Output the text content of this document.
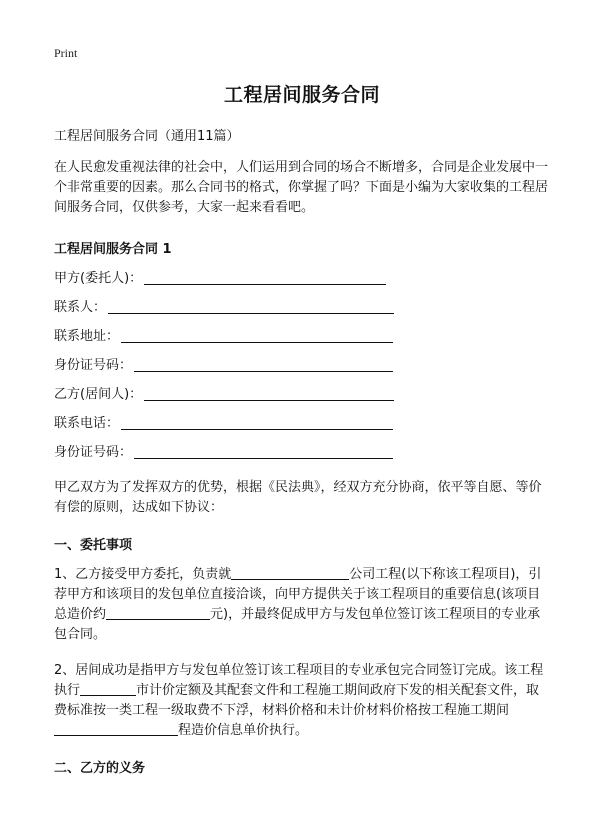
Print
工程居间服务合同
工程居间服务合同（通用11篇）

在人民愈发重视法律的社会中，人们运用到合同的场合不断增多，合同是企业发展中一个非常重要的因素。那么合同书的格式，你掌握了吗？下面是小编为大家收集的工程居间服务合同，仅供参考，大家一起来看看吧。

工程居间服务合同 1
甲方(委托人)：
联系人：
联系地址：
身份证号码：
乙方(居间人)：
联系电话：
身份证号码：

甲乙双方为了发挥双方的优势，根据《民法典》，经双方充分协商，依平等自愿、等价有偿的原则，达成如下协议：

一、委托事项

1、乙方接受甲方委托，负责就	公司工程(以下称该工程项目)，引荐甲方和该项目的发包单位直接洽谈，向甲方提供关于该工程项目的重要信息(该项目总造价约	元)，并最终促成甲方与发包单位签订该工程项目的专业承包合同。

2、居间成功是指甲方与发包单位签订该工程项目的专业承包完合同签订完成。该工程执行	市计价定额及其配套文件和工程施工期间政府下发的相关配套文件，取费标准按一类工程一级取费不下浮，材料价格和未计价材料价格按工程施工期间程造价信息单价执行。

二、乙方的义务
